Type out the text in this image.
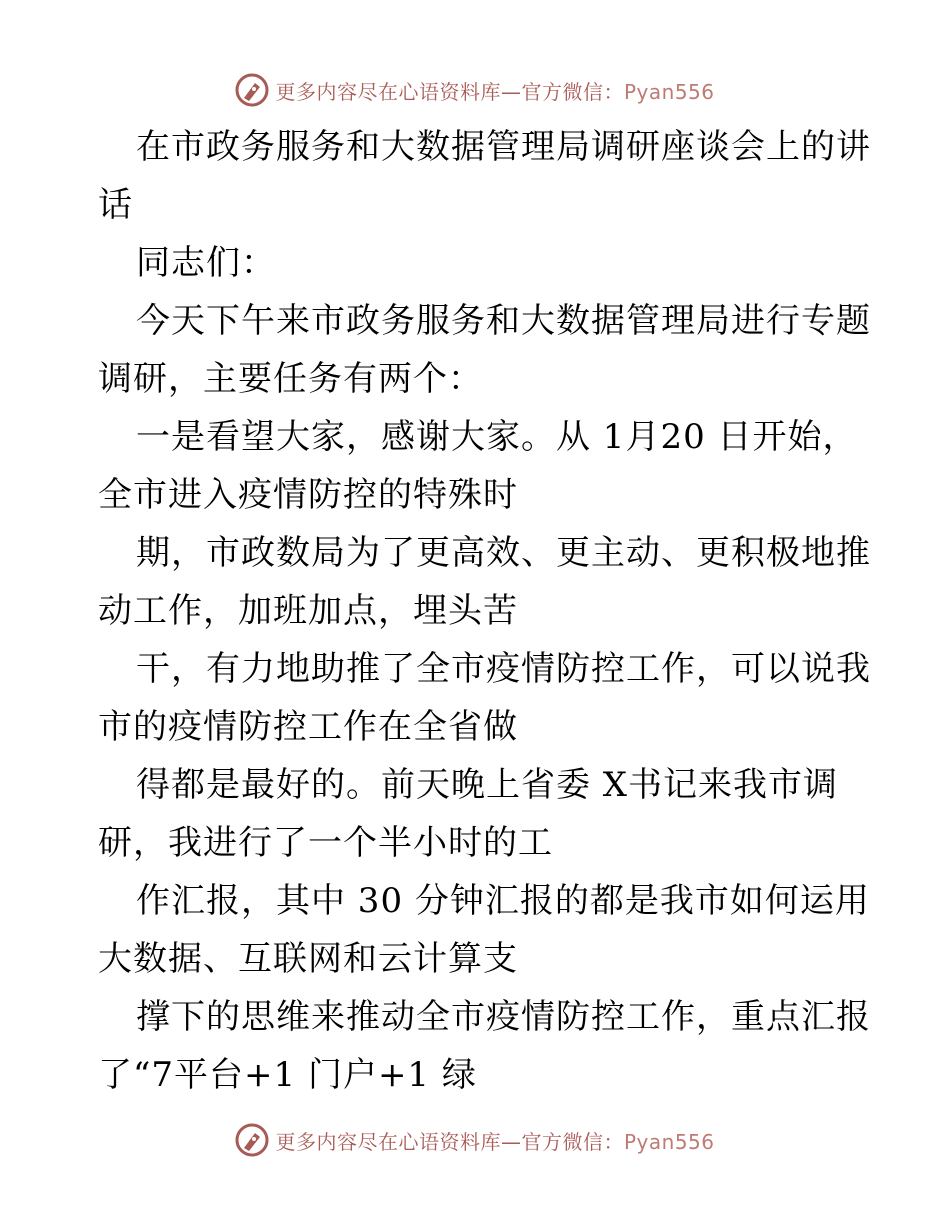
更多内容尽在心语资料库—官方微信：Pyan556
在市政务服务和大数据管理局调研座谈会上的讲
话
同志们：
今天下午来市政务服务和大数据管理局进行专题
调研，主要任务有两个：
一是看望大家，感谢大家。从 1月20 日开始，
全市进入疫情防控的特殊时
期，市政数局为了更高效、更主动、更积极地推
动工作，加班加点，埋头苦
干，有力地助推了全市疫情防控工作，可以说我
市的疫情防控工作在全省做
得都是最好的。前天晚上省委 X书记来我市调
研，我进行了一个半小时的工
作汇报，其中 30 分钟汇报的都是我市如何运用
大数据、互联网和云计算支
撑下的思维来推动全市疫情防控工作，重点汇报
了“7平台+1 门户+1 绿
更多内容尽在心语资料库—官方微信：Pyan556
